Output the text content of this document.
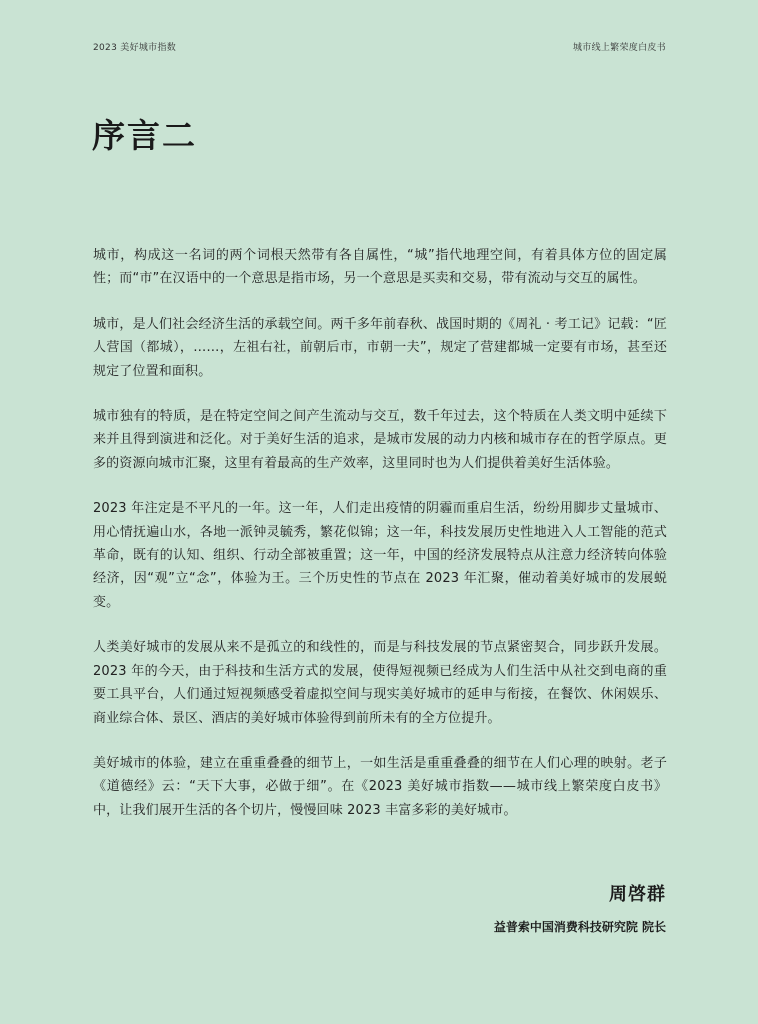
2023 美好城市指数	城市线上繁荣度白皮书
序言二

城市，构成这一名词的两个词根天然带有各自属性，“城”指代地理空间，有着具体方位的固定属性；而“市”在汉语中的一个意思是指市场，另一个意思是买卖和交易，带有流动与交互的属性。

城市，是人们社会经济生活的承载空间。两千多年前春秋、战国时期的《周礼 · 考工记》记载：“匠人营国（都城），……，左祖右社，前朝后市，市朝一夫”，规定了营建都城一定要有市场，甚至还规定了位置和面积。

城市独有的特质，是在特定空间之间产生流动与交互，数千年过去，这个特质在人类文明中延续下来并且得到演进和泛化。对于美好生活的追求，是城市发展的动力内核和城市存在的哲学原点。更多的资源向城市汇聚，这里有着最高的生产效率，这里同时也为人们提供着美好生活体验。

2023 年注定是不平凡的一年。这一年，人们走出疫情的阴霾而重启生活，纷纷用脚步丈量城市、用心情抚遍山水，各地一派钟灵毓秀，繁花似锦；这一年，科技发展历史性地进入人工智能的范式革命，既有的认知、组织、行动全部被重置；这一年，中国的经济发展特点从注意力经济转向体验经济，因“观”立“念”，体验为王。三个历史性的节点在 2023 年汇聚，催动着美好城市的发展蜕变。

人类美好城市的发展从来不是孤立的和线性的，而是与科技发展的节点紧密契合，同步跃升发展。2023 年的今天，由于科技和生活方式的发展，使得短视频已经成为人们生活中从社交到电商的重要工具平台，人们通过短视频感受着虚拟空间与现实美好城市的延申与衔接，在餐饮、休闲娱乐、商业综合体、景区、酒店的美好城市体验得到前所未有的全方位提升。

美好城市的体验，建立在重重叠叠的细节上，一如生活是重重叠叠的细节在人们心理的映射。老子《道德经》云：“天下大事，必做于细”。在《2023 美好城市指数——城市线上繁荣度白皮书》中，让我们展开生活的各个切片，慢慢回味 2023 丰富多彩的美好城市。

周啓群

益普索中国消费科技研究院 院长
